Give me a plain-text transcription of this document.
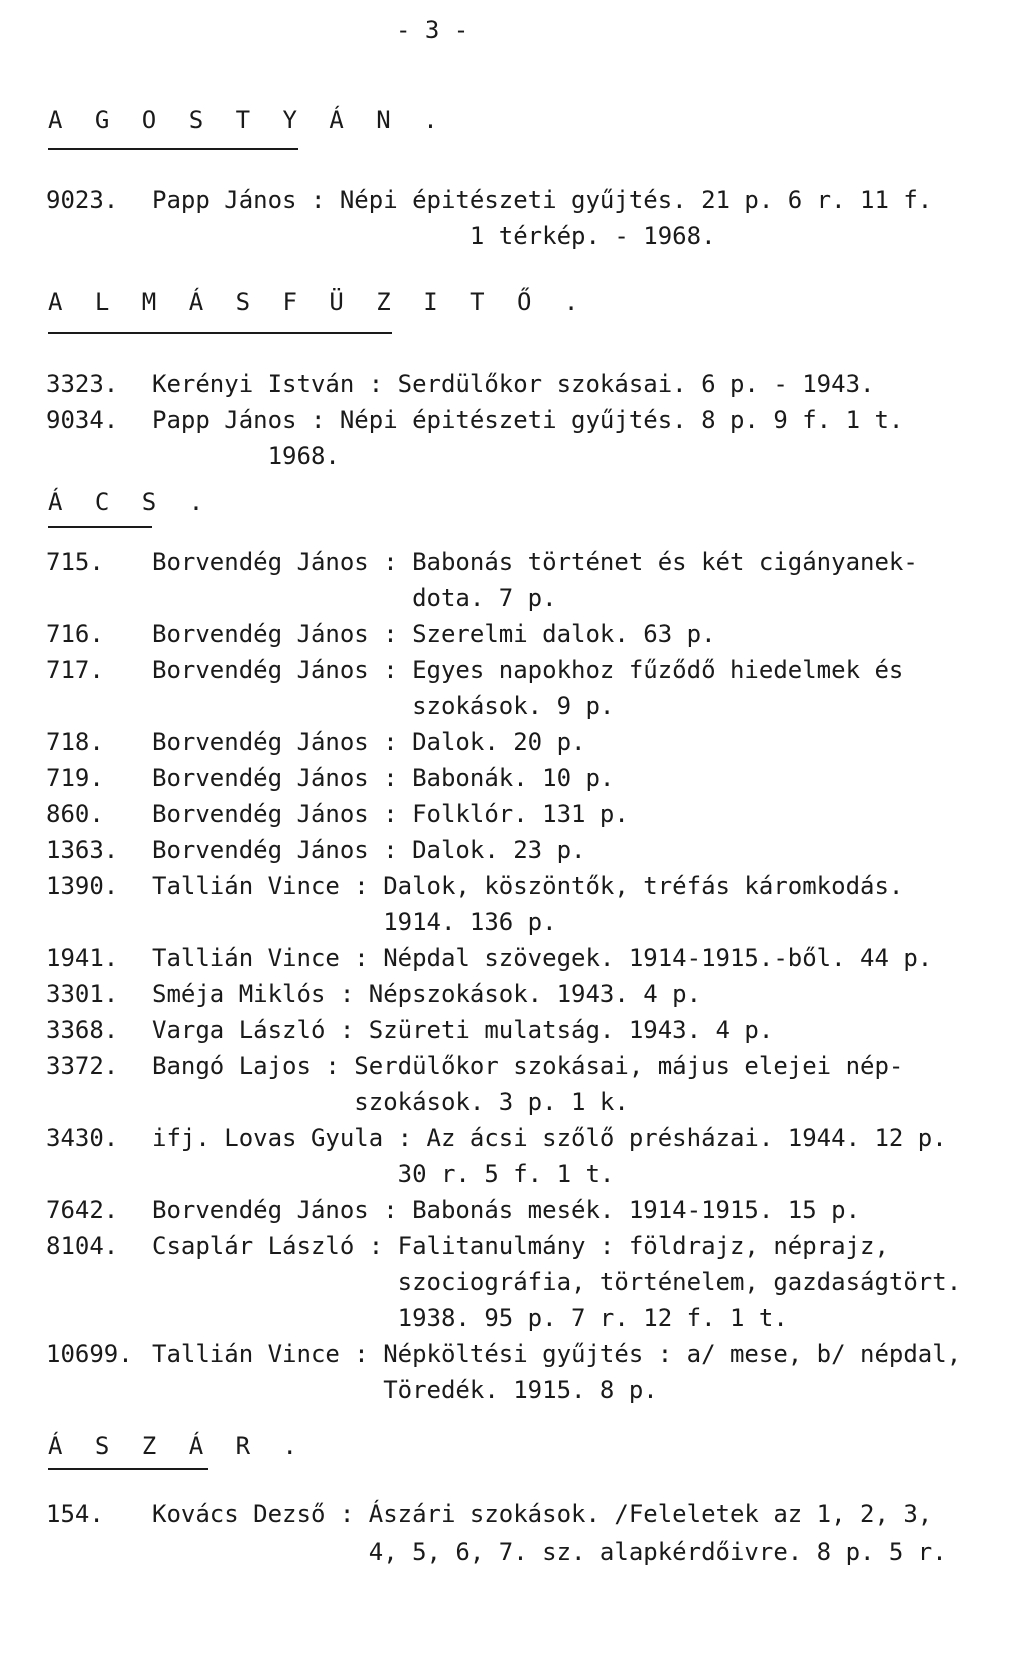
- 3 -
A G O S T Y Á N .
9023. Papp János : Népi épitészeti gyűjtés. 21 p. 6 r. 11 f.
1 térkép. - 1968.
A L M Á S F Ü Z I T Ő .
3323. Kerényi István : Serdülőkor szokásai. 6 p. - 1943.
9034. Papp János : Népi épitészeti gyűjtés. 8 p. 9 f. 1 t.
1968.
Á C S .
715. Borvendég János : Babonás történet és két cigányanek-
dota. 7 p.
716. Borvendég János : Szerelmi dalok. 63 p.
717. Borvendég János : Egyes napokhoz fűződő hiedelmek és
szokások. 9 p.
718. Borvendég János : Dalok. 20 p.
719. Borvendég János : Babonák. 10 p.
860. Borvendég János : Folklór. 131 p.
1363. Borvendég János : Dalok. 23 p.
1390. Tallián Vince : Dalok, köszöntők, tréfás káromkodás.
1914. 136 p.
1941. Tallián Vince : Népdal szövegek. 1914-1915.-ből. 44 p.
3301. Sméja Miklós : Népszokások. 1943. 4 p.
3368. Varga László : Szüreti mulatság. 1943. 4 p.
3372. Bangó Lajos : Serdülőkor szokásai, május elejei nép-
szokások. 3 p. 1 k.
3430. ifj. Lovas Gyula : Az ácsi szőlő présházai. 1944. 12 p.
30 r. 5 f. 1 t.
7642. Borvendég János : Babonás mesék. 1914-1915. 15 p.
8104. Csaplár László : Falitanulmány : földrajz, néprajz,
szociográfia, történelem, gazdaságtört.
1938. 95 p. 7 r. 12 f. 1 t.
10699. Tallián Vince : Népköltési gyűjtés : a/ mese, b/ népdal,
Töredék. 1915. 8 p.
Á S Z Á R .
154. Kovács Dezső : Ászári szokások. /Feleletek az 1, 2, 3,
4, 5, 6, 7. sz. alapkérdőivre. 8 p. 5 r.
